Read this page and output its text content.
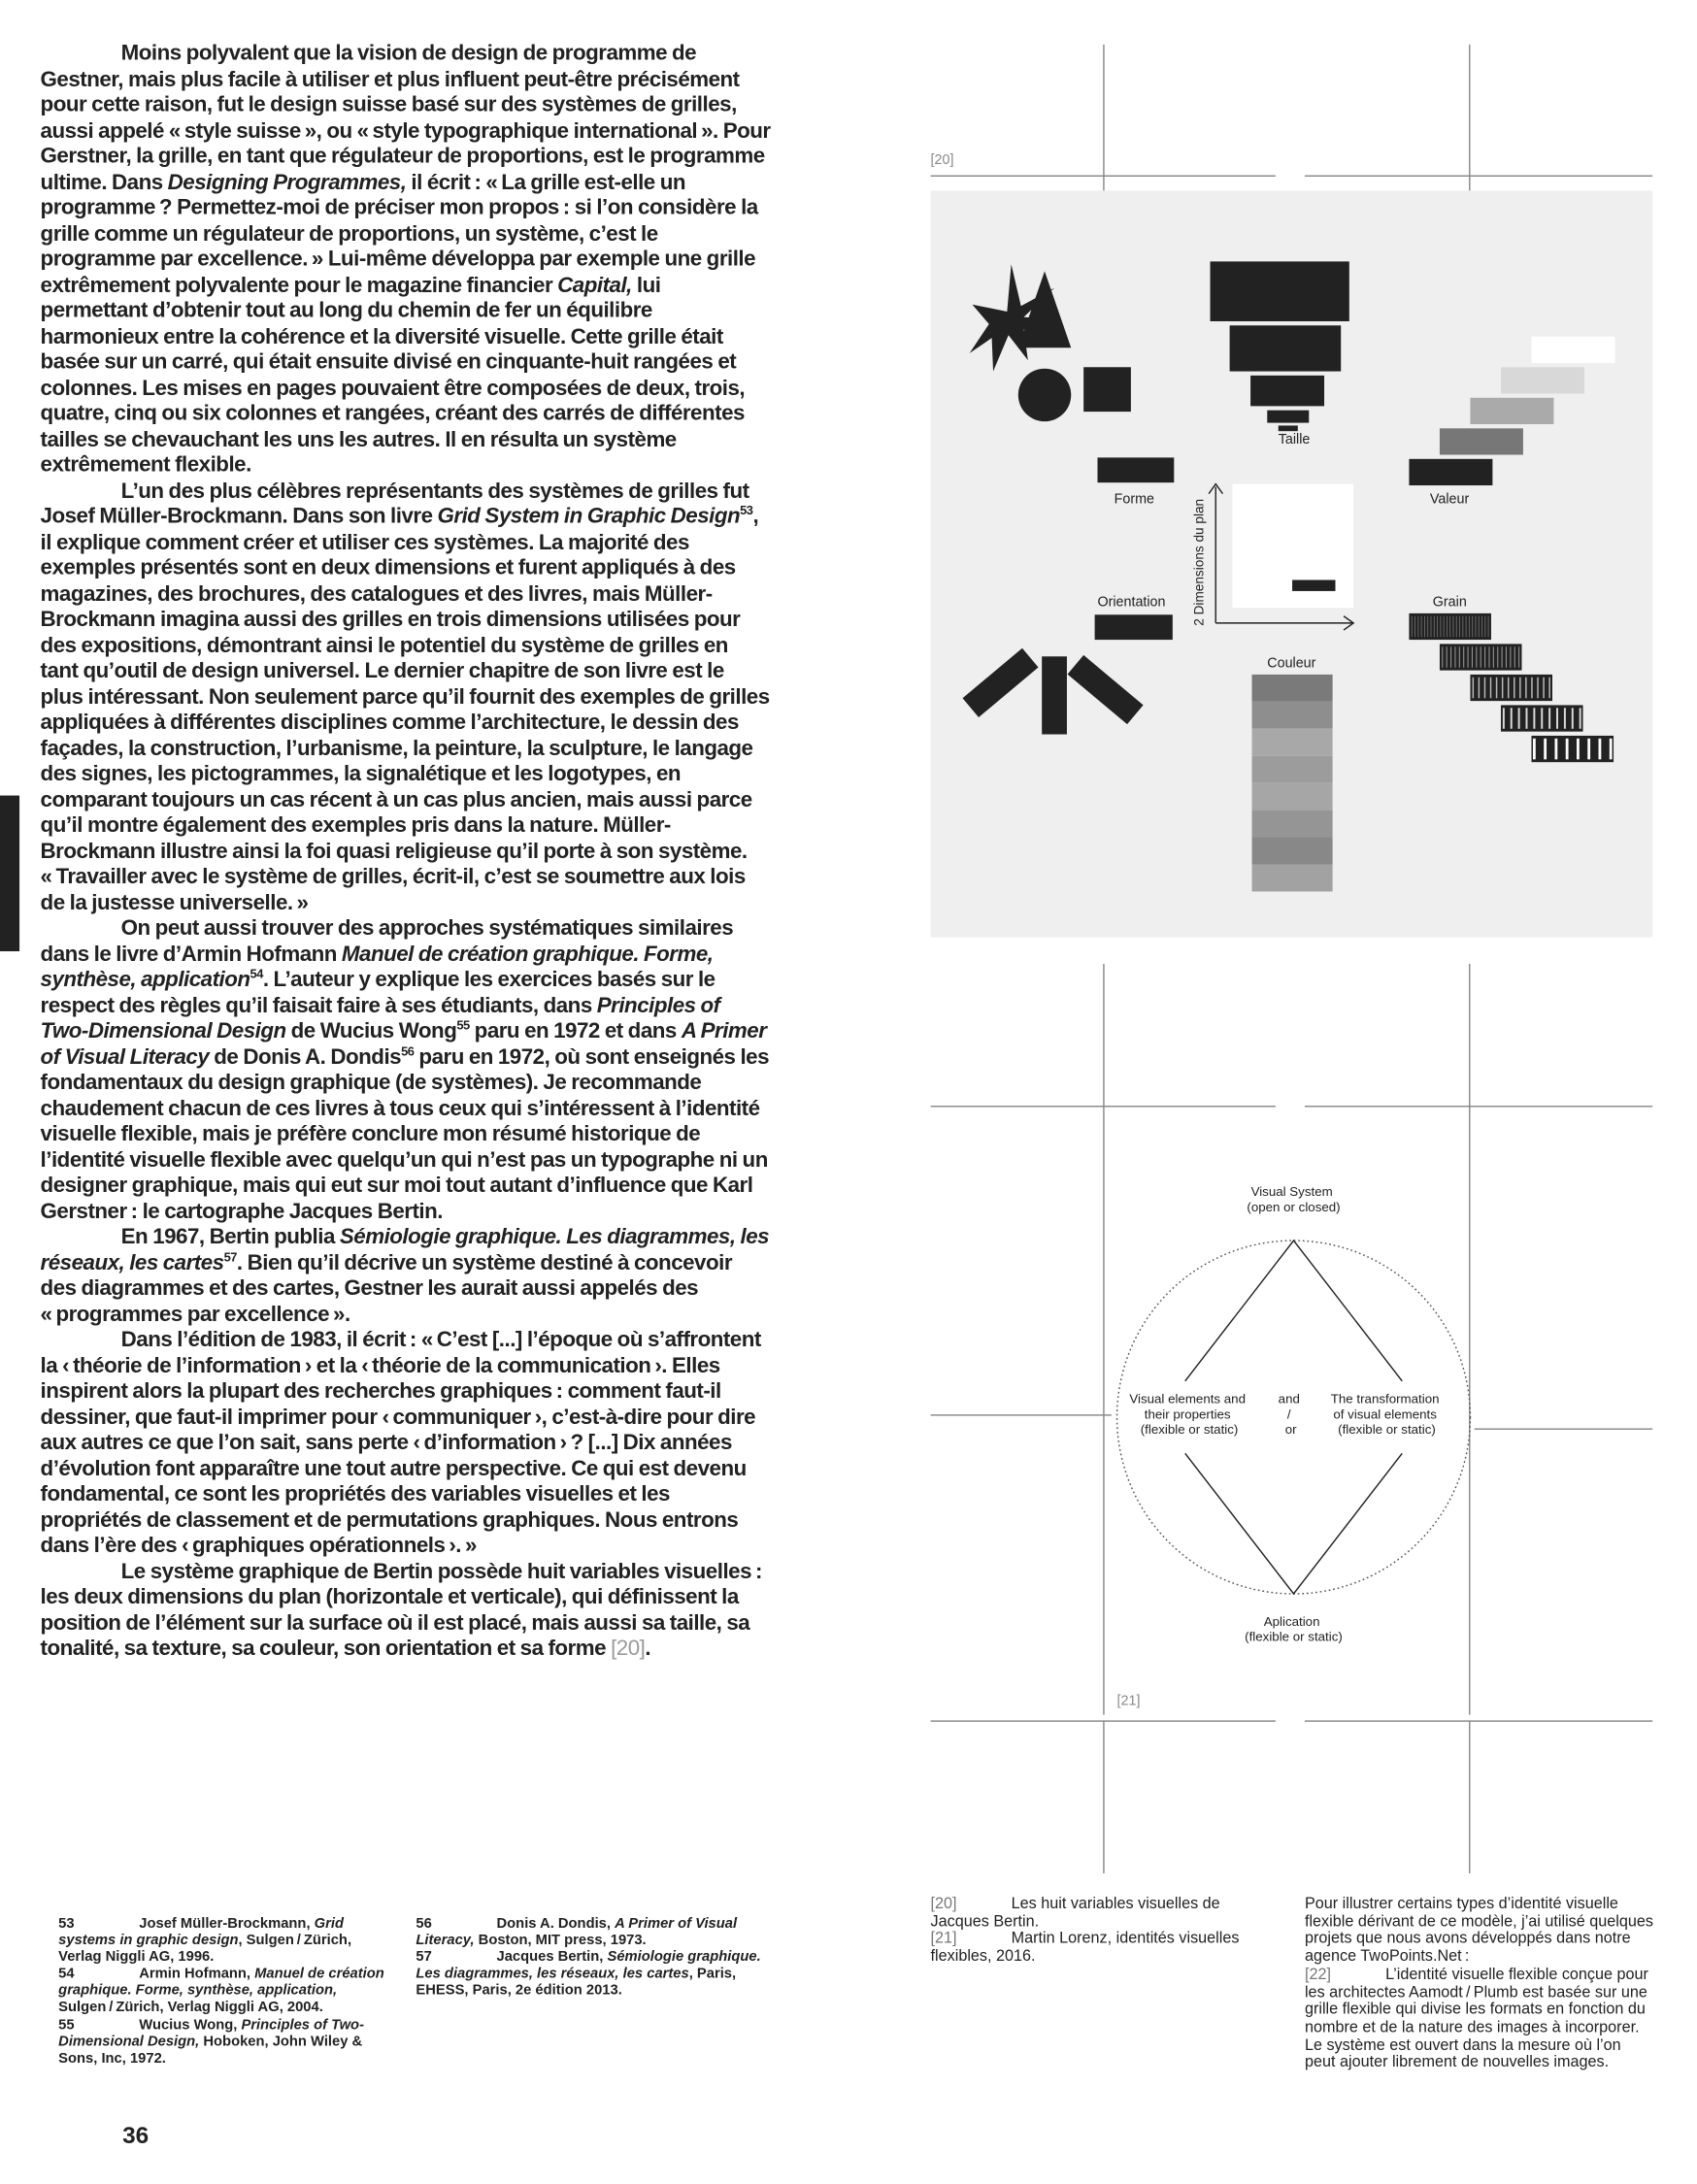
Moins polyvalent que la vision de design de programme de Gestner, mais plus facile à utiliser et plus influent peut-être précisément pour cette raison, fut le design suisse basé sur des systèmes de grilles, aussi appelé « style suisse », ou « style typographique international ». Pour Gerstner, la grille, en tant que régulateur de proportions, est le programme ultime. Dans Designing Programmes, il écrit : « La grille est-elle un programme ? Permettez-moi de préciser mon propos : si l’on considère la grille comme un régulateur de proportions, un système, c’est le programme par excellence. » Lui-même développa par exemple une grille extrêmement polyvalente pour le magazine financier Capital, lui permettant d’obtenir tout au long du chemin de fer un équilibre harmonieux entre la cohérence et la diversité visuelle. Cette grille était basée sur un carré, qui était ensuite divisé en cinquante-huit rangées et colonnes. Les mises en pages pouvaient être composées de deux, trois, quatre, cinq ou six colonnes et rangées, créant des carrés de différentes tailles se chevauchant les uns les autres. Il en résulta un système extrêmement flexible.

L’un des plus célèbres représentants des systèmes de grilles fut Josef Müller-Brockmann. Dans son livre Grid System in Graphic Design$^{53}$, il explique comment créer et utiliser ces systèmes. La majorité des exemples présentés sont en deux dimensions et furent appliqués à des magazines, des brochures, des catalogues et des livres, mais Müller-Brockmann imagina aussi des grilles en trois dimensions utilisées pour des expositions, démontrant ainsi le potentiel du système de grilles en tant qu’outil de design universel. Le dernier chapitre de son livre est le plus intéressant. Non seulement parce qu’il fournit des exemples de grilles appliquées à différentes disciplines comme l’architecture, le dessin des façades, la construction, l’urbanisme, la peinture, la sculpture, le langage des signes, les pictogrammes, la signalétique et les logotypes, en comparant toujours un cas récent à un cas plus ancien, mais aussi parce qu’il montre également des exemples pris dans la nature. Müller-Brockmann illustre ainsi la foi quasi religieuse qu’il porte à son système. « Travailler avec le système de grilles, écrit-il, c’est se soumettre aux lois de la justesse universelle. »

On peut aussi trouver des approches systématiques similaires dans le livre d’Armin Hofmann Manuel de création graphique. Forme, synthèse, application$^{54}$. L’auteur y explique les exercices basés sur le respect des règles qu’il faisait faire à ses étudiants, dans Principles of Two-Dimensional Design de Wucius Wong$^{55}$ paru en 1972 et dans A Primer of Visual Literacy de Donis A. Dondis$^{56}$ paru en 1972, où sont enseignés les fondamentaux du design graphique (de systèmes). Je recommande chaudement chacun de ces livres à tous ceux qui s’intéressent à l’identité visuelle flexible, mais je préfère conclure mon résumé historique de l’identité visuelle flexible avec quelqu’un qui n’est pas un typographe ni un designer graphique, mais qui eut sur moi tout autant d’influence que Karl Gerstner : le cartographe Jacques Bertin.

En 1967, Bertin publia Sémiologie graphique. Les diagrammes, les réseaux, les cartes$^{57}$. Bien qu’il décrive un système destiné à concevoir des diagrammes et des cartes, Gestner les aurait aussi appelés des « programmes par excellence ».

Dans l’édition de 1983, il écrit : « C’est [...] l’époque où s’affrontent la ‹ théorie de l’information › et la ‹ théorie de la communication ›. Elles inspirent alors la plupart des recherches graphiques : comment faut-il dessiner, que faut-il imprimer pour ‹ communiquer ›, c’est-à-dire pour dire aux autres ce que l’on sait, sans perte ‹ d’information › ? [...] Dix années d’évolution font apparaître une tout autre perspective. Ce qui est devenu fondamental, ce sont les propriétés des variables visuelles et les propriétés de classement et de permutations graphiques. Nous entrons dans l’ère des ‹ graphiques opérationnels ›. »

Le système graphique de Bertin possède huit variables visuelles : les deux dimensions du plan (horizontale et verticale), qui définissent la position de l’élément sur la surface où il est placé, mais aussi sa taille, sa tonalité, sa texture, sa couleur, son orientation et sa forme [20].

53	Josef Müller-Brockmann, Grid systems in graphic design, Sulgen / Zürich, Verlag Niggli AG, 1996.

54	Armin Hofmann, Manuel de création graphique. Forme, synthèse, application, Sulgen / Zürich, Verlag Niggli AG, 2004.

55	Wucius Wong, Principles of Two-Dimensional Design, Hoboken, John Wiley & Sons, Inc, 1972.

56	Donis A. Dondis, A Primer of Visual Literacy, Boston, MIT press, 1973.

57	Jacques Bertin, Sémiologie graphique. Les diagrammes, les réseaux, les cartes, Paris, EHESS, Paris, 2e édition 2013.

36
[20]
[21]
Forme
Taille
Valeur
2 Dimensions du plan
Orientation
Couleur
Grain
Visual System (open or closed)
Visual elements and their properties (flexible or static)
and / or
The transformation of visual elements (flexible or static)
Aplication (flexible or static)

[20]	Les huit variables visuelles de Jacques Bertin.

[21]	Martin Lorenz, identités visuelles flexibles, 2016.

Pour illustrer certains types d’identité visuelle flexible dérivant de ce modèle, j’ai utilisé quelques projets que nous avons développés dans notre agence TwoPoints.Net :

[22]	L’identité visuelle flexible conçue pour les architectes Aamodt / Plumb est basée sur une grille flexible qui divise les formats en fonction du nombre et de la nature des images à incorporer. Le système est ouvert dans la mesure où l’on peut ajouter librement de nouvelles images.
